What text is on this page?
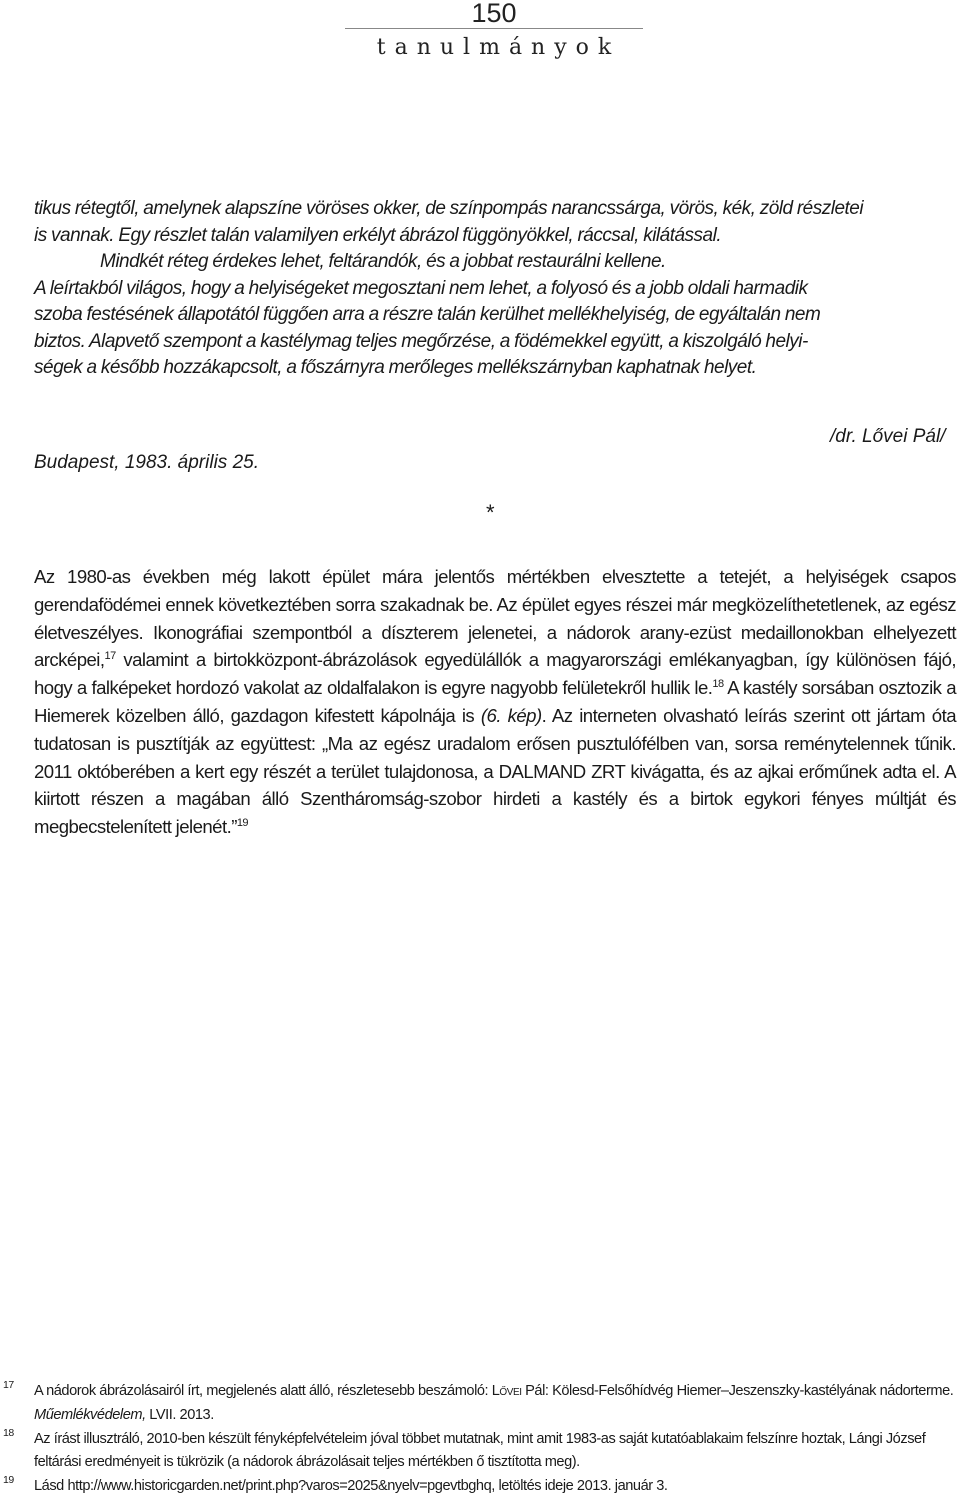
150
tanulmányok

tikus rétegtől, amelynek alapszíne vöröses okker, de színpompás narancssárga, vörös, kék, zöld részletei

is vannak. Egy részlet talán valamilyen erkélyt ábrázol függönyökkel, ráccsal, kilátással.

Mindkét réteg érdekes lehet, feltárandók, és a jobbat restaurálni kellene.

A leírtakból világos, hogy a helyiségeket megosztani nem lehet, a folyosó és a jobb oldali harmadik

szoba festésének állapotától függően arra a részre talán kerülhet mellékhelyiség, de egyáltalán nem

biztos. Alapvető szempont a kastélymag teljes megőrzése, a födémekkel együtt, a kiszolgáló helyi-

ségek a később hozzákapcsolt, a főszárnyra merőleges mellékszárnyban kaphatnak helyet.

/dr. Lővei Pál/
Budapest, 1983. április 25.
*
Az 1980-as években még lakott épület mára jelentős mértékben elvesztette a tetejét, a helyiségek csapos gerendafödémei ennek következtében sorra szakadnak be. Az épület egyes részei már megközelíthetetlenek, az egész életveszélyes. Ikonográfiai szempontból a díszterem jelenetei, a nádorok arany-ezüst medaillonokban elhelyezett arcképei,$^{17}$ valamint a birtokközpont-ábrázolások egyedülállók a magyarországi emlékanyagban, így különösen fájó, hogy a falképeket hordozó vakolat az oldalfalakon is egyre nagyobb felületekről hullik le.$^{18}$ A kastély sorsában osztozik a Hiemerek közelben álló, gazdagon kifestett kápolnája is (6. kép). Az interneten olvasható leírás szerint ott jártam óta tudatosan is pusztítják az együttest: „Ma az egész uradalom erősen pusztulófélben van, sorsa reménytelennek tűnik. 2011 októberében a kert egy részét a terület tulajdonosa, a DALMAND ZRT kivágatta, és az ajkai erőműnek adta el. A kiirtott részen a magában álló Szentháromság-szobor hirdeti a kastély és a birtok egykori fényes múltját és megbecstelenített jelenét.”$^{19}$
17 A nádorok ábrázolásairól írt, megjelenés alatt álló, részletesebb beszámoló: Lővei Pál: Kölesd-Felsőhídvég Hiemer–Jeszenszky-kastélyának nádorterme. Műemlékvédelem, LVII. 2013.
18 Az írást illusztráló, 2010-ben készült fényképfelvételeim jóval többet mutatnak, mint amit 1983-as saját kutatóablakaim felszínre hoztak, Lángi József feltárási eredményeit is tükrözik (a nádorok ábrázolásait teljes mértékben ő tisztította meg).
19 Lásd http://www.historicgarden.net/print.php?varos=2025&nyelv=pgevtbghq, letöltés ideje 2013. január 3.
